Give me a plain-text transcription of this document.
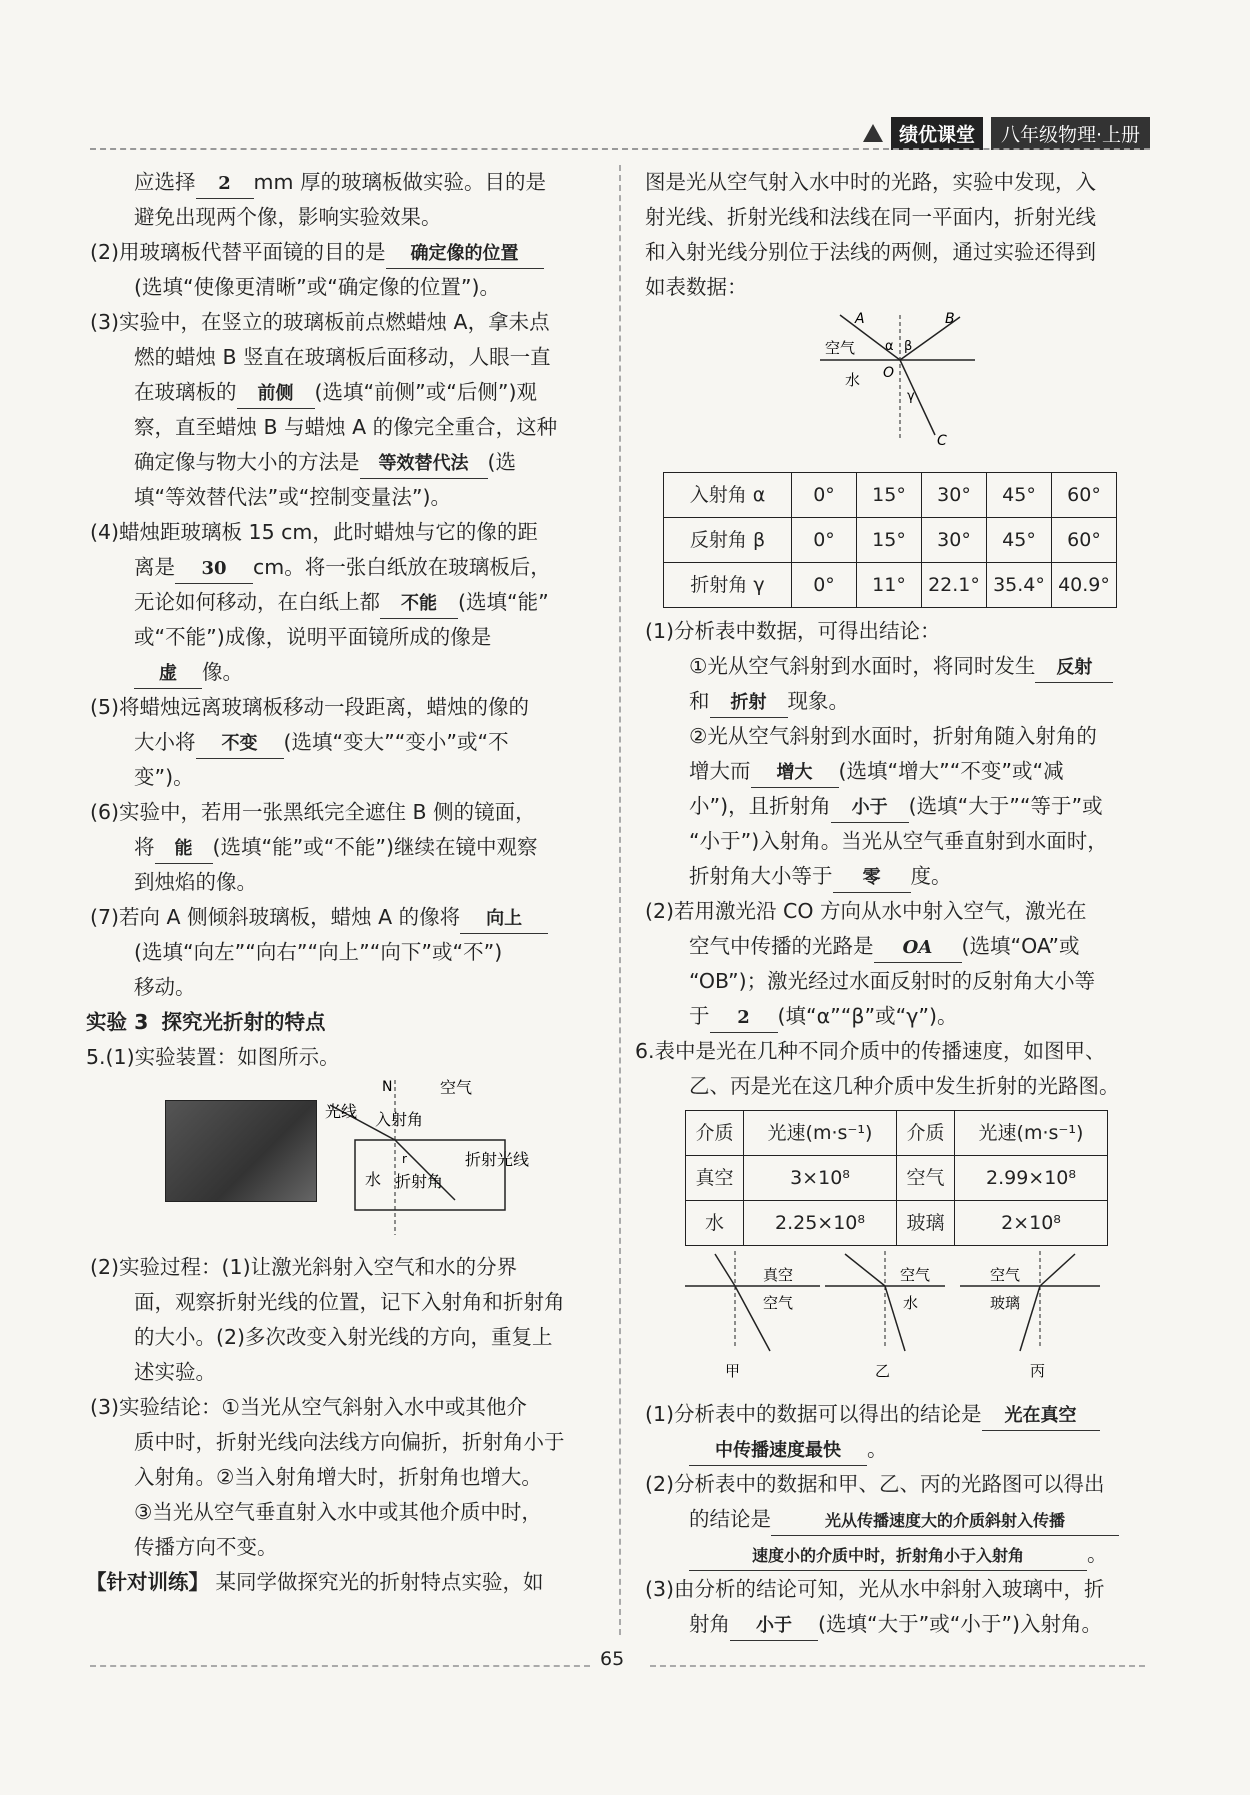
绩优课堂	八年级物理·上册

应选择 2 mm 厚的玻璃板做实验。目的是

避免出现两个像，影响实验效果。

(2)用玻璃板代替平面镜的目的是 确定像的位置

(选填“使像更清晰”或“确定像的位置”)。

(3)实验中，在竖立的玻璃板前点燃蜡烛 A，拿未点

燃的蜡烛 B 竖直在玻璃板后面移动，人眼一直

在玻璃板的 前侧 (选填“前侧”或“后侧”)观

察，直至蜡烛 B 与蜡烛 A 的像完全重合，这种

确定像与物大小的方法是 等效替代法 (选

填“等效替代法”或“控制变量法”)。

(4)蜡烛距玻璃板 15 cm，此时蜡烛与它的像的距

离是 30 cm。将一张白纸放在玻璃板后，

无论如何移动，在白纸上都 不能 (选填“能”

或“不能”)成像，说明平面镜所成的像是

虚 像。

(5)将蜡烛远离玻璃板移动一段距离，蜡烛的像的

大小将 不变 (选填“变大”“变小”或“不

变”)。

(6)实验中，若用一张黑纸完全遮住 B 侧的镜面，

将 能 (选填“能”或“不能”)继续在镜中观察

到烛焰的像。

(7)若向 A 侧倾斜玻璃板，蜡烛 A 的像将 向上

(选填“向左”“向右”“向上”“向下”或“不”)

移动。

实验 3 探究光折射的特点

5.(1)实验装置：如图所示。

N	空气
光线 入射角
水 折射角
r	折射光线

(2)实验过程：(1)让激光斜射入空气和水的分界

面，观察折射光线的位置，记下入射角和折射角

的大小。(2)多次改变入射光线的方向，重复上

述实验。

(3)实验结论：①当光从空气斜射入水中或其他介

质中时，折射光线向法线方向偏折，折射角小于

入射角。②当入射角增大时，折射角也增大。

③当光从空气垂直射入水中或其他介质中时，

传播方向不变。

【针对训练】 某同学做探究光的折射特点实验，如

图是光从空气射入水中时的光路，实验中发现，入

射光线、折射光线和法线在同一平面内，折射光线

和入射光线分别位于法线的两侧，通过实验还得到

如表数据：

A	B
C
O
空气
水
α β
γ
入射角 α	0°	15°	30°	45°	60°
反射角 β	0°	15°	30°	45°	60°
折射角 γ	0°	11°	22.1°	35.4°	40.9°

(1)分析表中数据，可得出结论：

①光从空气斜射到水面时，将同时发生 反射

和 折射 现象。

②光从空气斜射到水面时，折射角随入射角的

增大而 增大 (选填“增大”“不变”或“减

小”)，且折射角 小于 (选填“大于”“等于”或

“小于”)入射角。当光从空气垂直射到水面时，

折射角大小等于 零 度。

(2)若用激光沿 CO 方向从水中射入空气，激光在

空气中传播的光路是 OA (选填“OA”或

“OB”)；激光经过水面反射时的反射角大小等

于 2 (填“α”“β”或“γ”)。

6.表中是光在几种不同介质中的传播速度，如图甲、

乙、丙是光在这几种介质中发生折射的光路图。

介质	光速(m·s⁻¹)	介质	光速(m·s⁻¹)
真空	3×10⁸	空气	2.99×10⁸
水	2.25×10⁸	玻璃	2×10⁸
真空
空气
甲
空气
水
乙
空气
玻璃
丙

(1)分析表中的数据可以得出的结论是 光在真空

中传播速度最快 。

(2)分析表中的数据和甲、乙、丙的光路图可以得出

的结论是	光从传播速度大的介质斜射入传播

速度小的介质中时，折射角小于入射角	。

(3)由分析的结论可知，光从水中斜射入玻璃中，折

射角 小于 (选填“大于”或“小于”)入射角。

65
